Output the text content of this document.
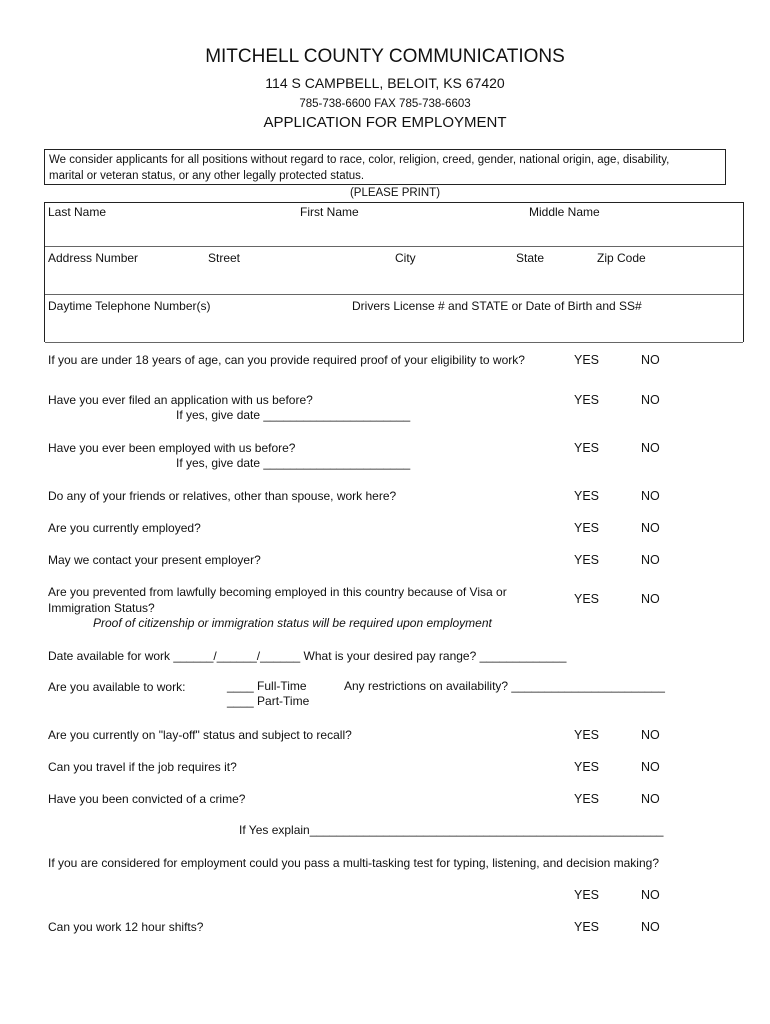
MITCHELL COUNTY COMMUNICATIONS
114 S CAMPBELL, BELOIT, KS 67420
785-738-6600 FAX 785-738-6603
APPLICATION FOR EMPLOYMENT
We consider applicants for all positions without regard to race, color, religion, creed, gender, national origin, age, disability,
marital or veteran status, or any other legally protected status.
(PLEASE PRINT)
Last Name	First Name	Middle Name
Address Number	Street	City	State	Zip Code
Daytime Telephone Number(s)	Drivers License # and STATE or Date of Birth and SS#
If you are under 18 years of age, can you provide required proof of your eligibility to work?	YES	NO
Have you ever filed an application with us before?
If yes, give date ______________________
YES	NO
Have you ever been employed with us before?
If yes, give date ______________________
YES	NO
Do any of your friends or relatives, other than spouse, work here?	YES	NO
Are you currently employed?	YES	NO
May we contact your present employer?	YES	NO
Are you prevented from lawfully becoming employed in this country because of Visa or
Immigration Status?
Proof of citizenship or immigration status will be required upon employment
YES	NO
Date available for work ______/______/______ What is your desired pay range? _____________
Are you available to work:	____ Full-Time
____ Part-Time
Any restrictions on availability? _______________________
Are you currently on "lay-off" status and subject to recall?	YES	NO
Can you travel if the job requires it?	YES	NO
Have you been convicted of a crime?	YES	NO
If Yes explain_____________________________________________________
If you are considered for employment could you pass a multi-tasking test for typing, listening, and decision making?
YES	NO
Can you work 12 hour shifts?	YES	NO
